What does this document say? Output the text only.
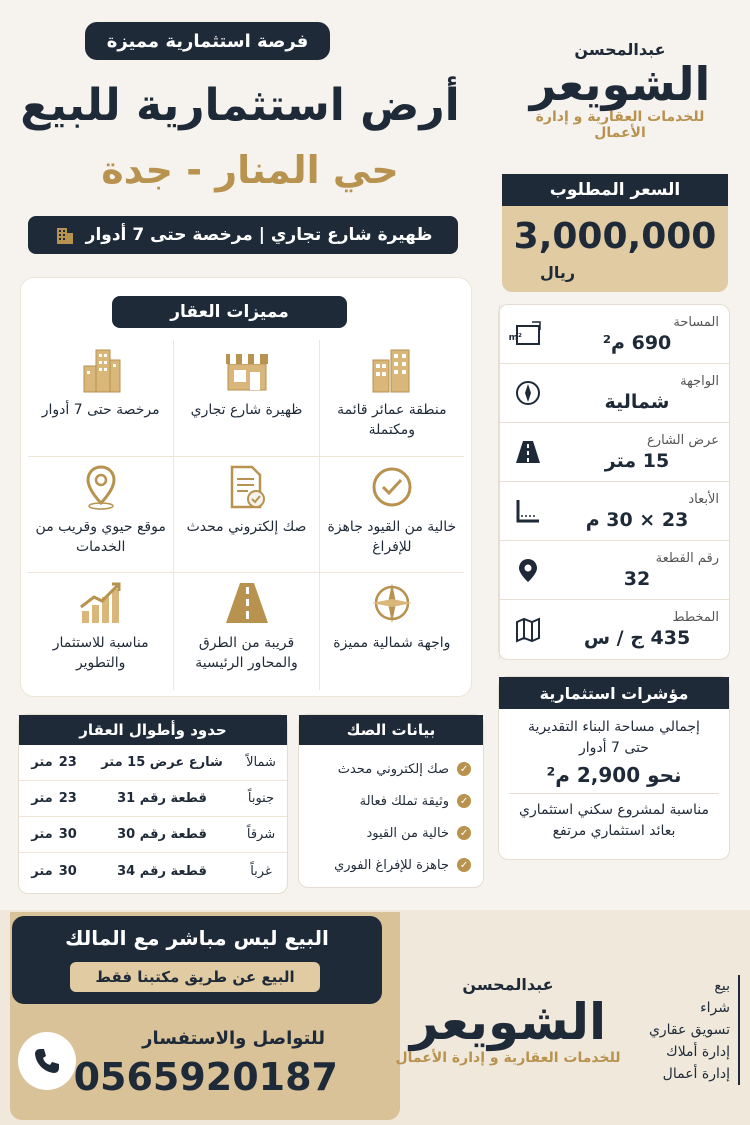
فرصة استثمارية مميزة
أرض استثمارية للبيع
حي المنار - جدة
ظهيرة شارع تجاري | مرخصة حتى 7 أدوار
عبدالمحسن
الشويعر
للخدمات العقارية و إدارة الأعمال
السعر المطلوب
3,000,000
ريال
المساحة
690 م²
m²
الواجهة
شمالية
عرض الشارع
15 متر
الأبعاد
23 × 30 م
رقم القطعة
32
المخطط
435 ج / س
مميزات العقار
منطقة عمائر قائمة ومكتملة
ظهيرة شارع تجاري
مرخصة حتى 7 أدوار
خالية من القيود جاهزة للإفراغ
صك إلكتروني محدث
موقع حيوي وقريب من الخدمات
واجهة شمالية مميزة
قريبة من الطرق والمحاور الرئيسية
مناسبة للاستثمار والتطوير
مؤشرات استثمارية
إجمالي مساحة البناء التقديرية
حتى 7 أدوار
نحو 2,900 م²
مناسبة لمشروع سكني استثماري
بعائد استثماري مرتفع
بيانات الصك
✓
صك إلكتروني محدث
✓
وثيقة تملك فعالة
✓
خالية من القيود
✓
جاهزة للإفراغ الفوري
حدود وأطوال العقار
شمالاً
شارع عرض 15 متر
23
متر
جنوباً
قطعة رقم 31
23
متر
شرقاً
قطعة رقم 30
30
متر
غرباً
قطعة رقم 34
30
متر
البيع ليس مباشر مع المالك
البيع عن طريق مكتبنا فقط
للتواصل والاستفسار
0565920187
عبدالمحسن
الشويعر
للخدمات العقارية و إدارة الأعمال
بيع
شراء
تسويق عقاري
إدارة أملاك
إدارة أعمال
